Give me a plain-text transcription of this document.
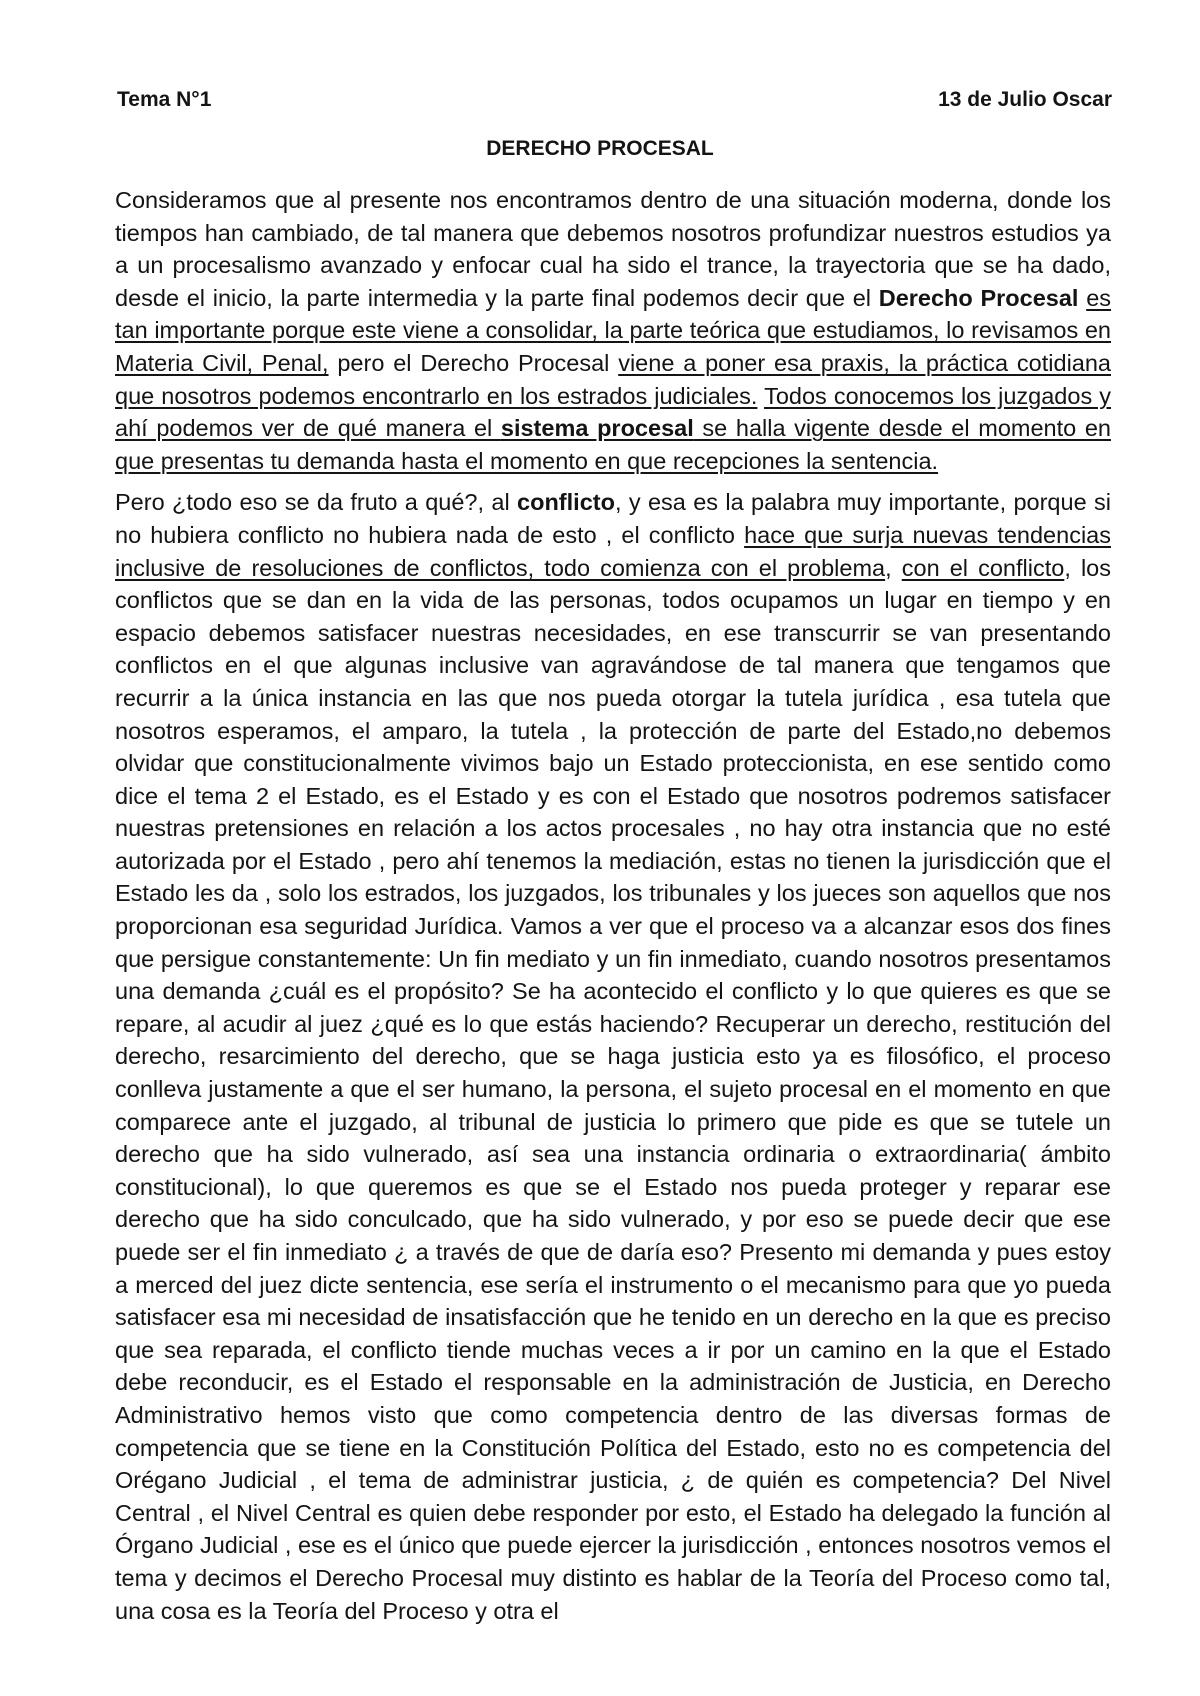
Tema N°1	13 de Julio Oscar
DERECHO PROCESAL

Consideramos que al presente nos encontramos dentro de una situación moderna, donde los tiempos han cambiado, de tal manera que debemos nosotros profundizar nuestros estudios ya a un procesalismo avanzado y enfocar cual ha sido el trance, la trayectoria que se ha dado, desde el inicio, la parte intermedia y la parte final podemos decir que el Derecho Procesal es tan importante porque este viene a consolidar, la parte teórica que estudiamos, lo revisamos en Materia Civil, Penal, pero el Derecho Procesal viene a poner esa praxis, la práctica cotidiana que nosotros podemos encontrarlo en los estrados judiciales. Todos conocemos los juzgados y ahí podemos ver de qué manera el sistema procesal se halla vigente desde el momento en que presentas tu demanda hasta el momento en que recepciones la sentencia.

Pero ¿todo eso se da fruto a qué?, al conflicto, y esa es la palabra muy importante, porque si no hubiera conflicto no hubiera nada de esto , el conflicto hace que surja nuevas tendencias inclusive de resoluciones de conflictos, todo comienza con el problema, con el conflicto, los conflictos que se dan en la vida de las personas, todos ocupamos un lugar en tiempo y en espacio debemos satisfacer nuestras necesidades, en ese transcurrir se van presentando conflictos en el que algunas inclusive van agravándose de tal manera que tengamos que recurrir a la única instancia en las que nos pueda otorgar la tutela jurídica , esa tutela que nosotros esperamos, el amparo, la tutela , la protección de parte del Estado,no debemos olvidar que constitucionalmente vivimos bajo un Estado proteccionista, en ese sentido como dice el tema 2 el Estado, es el Estado y es con el Estado que nosotros podremos satisfacer nuestras pretensiones en relación a los actos procesales , no hay otra instancia que no esté autorizada por el Estado , pero ahí tenemos la mediación, estas no tienen la jurisdicción que el Estado les da , solo los estrados, los juzgados, los tribunales y los jueces son aquellos que nos proporcionan esa seguridad Jurídica. Vamos a ver que el proceso va a alcanzar esos dos fines que persigue constantemente: Un fin mediato y un fin inmediato, cuando nosotros presentamos una demanda ¿cuál es el propósito? Se ha acontecido el conflicto y lo que quieres es que se repare, al acudir al juez ¿qué es lo que estás haciendo? Recuperar un derecho, restitución del derecho, resarcimiento del derecho, que se haga justicia esto ya es filosófico, el proceso conlleva justamente a que el ser humano, la persona, el sujeto procesal en el momento en que comparece ante el juzgado, al tribunal de justicia lo primero que pide es que se tutele un derecho que ha sido vulnerado, así sea una instancia ordinaria o extraordinaria( ámbito constitucional), lo que queremos es que se el Estado nos pueda proteger y reparar ese derecho que ha sido conculcado, que ha sido vulnerado, y por eso se puede decir que ese puede ser el fin inmediato ¿ a través de que de daría eso? Presento mi demanda y pues estoy a merced del juez dicte sentencia, ese sería el instrumento o el mecanismo para que yo pueda satisfacer esa mi necesidad de insatisfacción que he tenido en un derecho en la que es preciso que sea reparada, el conflicto tiende muchas veces a ir por un camino en la que el Estado debe reconducir, es el Estado el responsable en la administración de Justicia, en Derecho Administrativo hemos visto que como competencia dentro de las diversas formas de competencia que se tiene en la Constitución Política del Estado, esto no es competencia del Orégano Judicial , el tema de administrar justicia, ¿ de quién es competencia? Del Nivel Central , el Nivel Central es quien debe responder por esto, el Estado ha delegado la función al Órgano Judicial , ese es el único que puede ejercer la jurisdicción , entonces nosotros vemos el tema y decimos el Derecho Procesal muy distinto es hablar de la Teoría del Proceso como tal, una cosa es la Teoría del Proceso y otra el
